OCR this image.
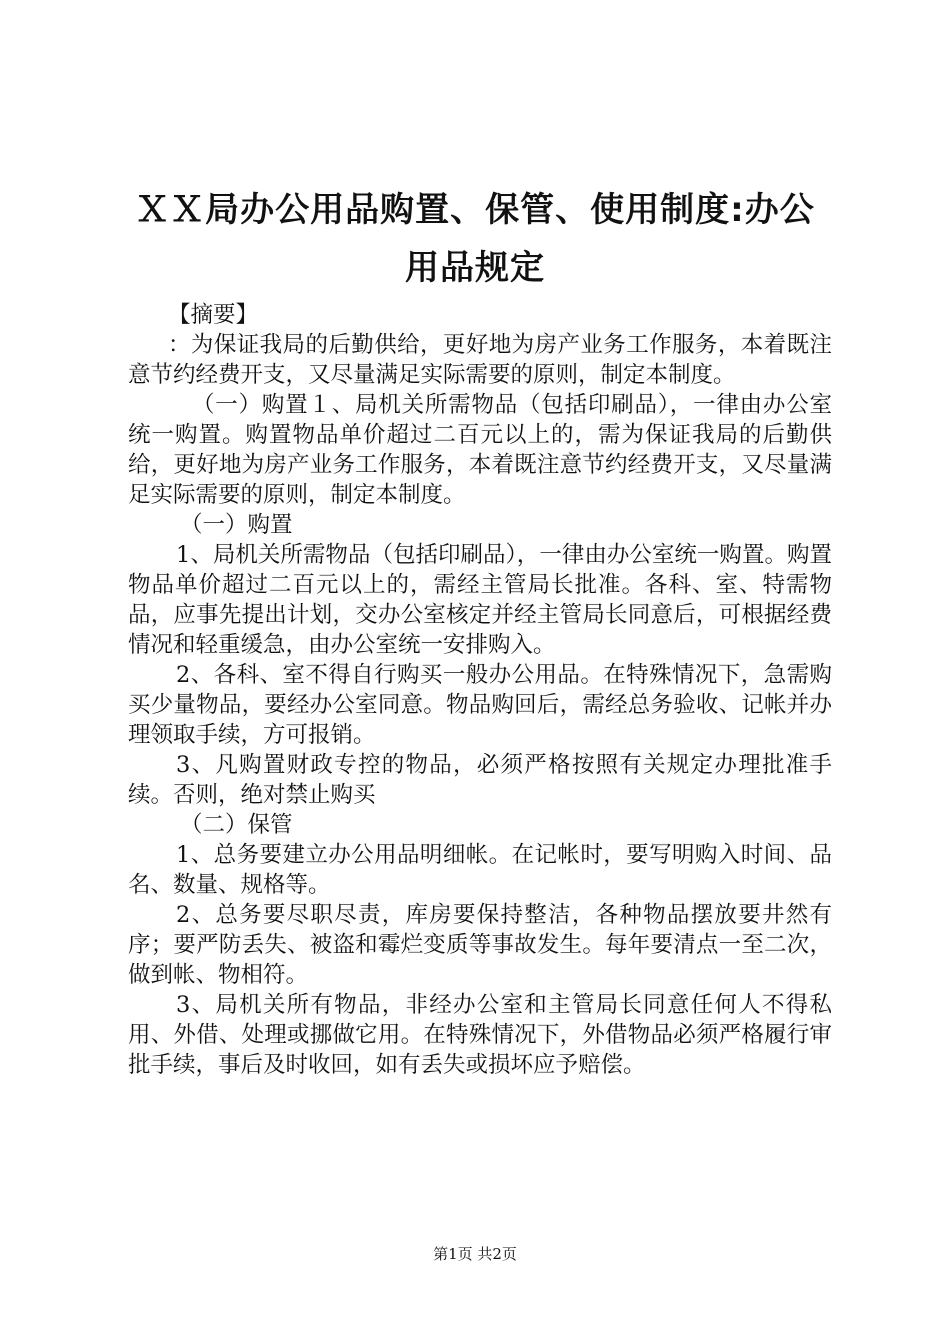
ＸＸ局办公用品购置、保管、使用制度:办公
用品规定

【摘要】

：为保证我局的后勤供给，更好地为房产业务工作服务，本着既注意节约经费开支，又尽量满足实际需要的原则，制定本制度。

（一）购置１、局机关所需物品（包括印刷品），一律由办公室统一购置。购置物品单价超过二百元以上的，需为保证我局的后勤供给，更好地为房产业务工作服务，本着既注意节约经费开支，又尽量满足实际需要的原则，制定本制度。

（一）购置

1、局机关所需物品（包括印刷品），一律由办公室统一购置。购置物品单价超过二百元以上的，需经主管局长批准。各科、室、特需物品，应事先提出计划，交办公室核定并经主管局长同意后，可根据经费情况和轻重缓急，由办公室统一安排购入。

2、各科、室不得自行购买一般办公用品。在特殊情况下，急需购买少量物品，要经办公室同意。物品购回后，需经总务验收、记帐并办理领取手续，方可报销。

3、凡购置财政专控的物品，必须严格按照有关规定办理批准手续。否则，绝对禁止购买

（二）保管

1、总务要建立办公用品明细帐。在记帐时，要写明购入时间、品名、数量、规格等。

2、总务要尽职尽责，库房要保持整洁，各种物品摆放要井然有序；要严防丢失、被盗和霉烂变质等事故发生。每年要清点一至二次，做到帐、物相符。

3、局机关所有物品，非经办公室和主管局长同意任何人不得私用、外借、处理或挪做它用。在特殊情况下，外借物品必须严格履行审批手续，事后及时收回，如有丢失或损坏应予赔偿。

第1页 共2页
